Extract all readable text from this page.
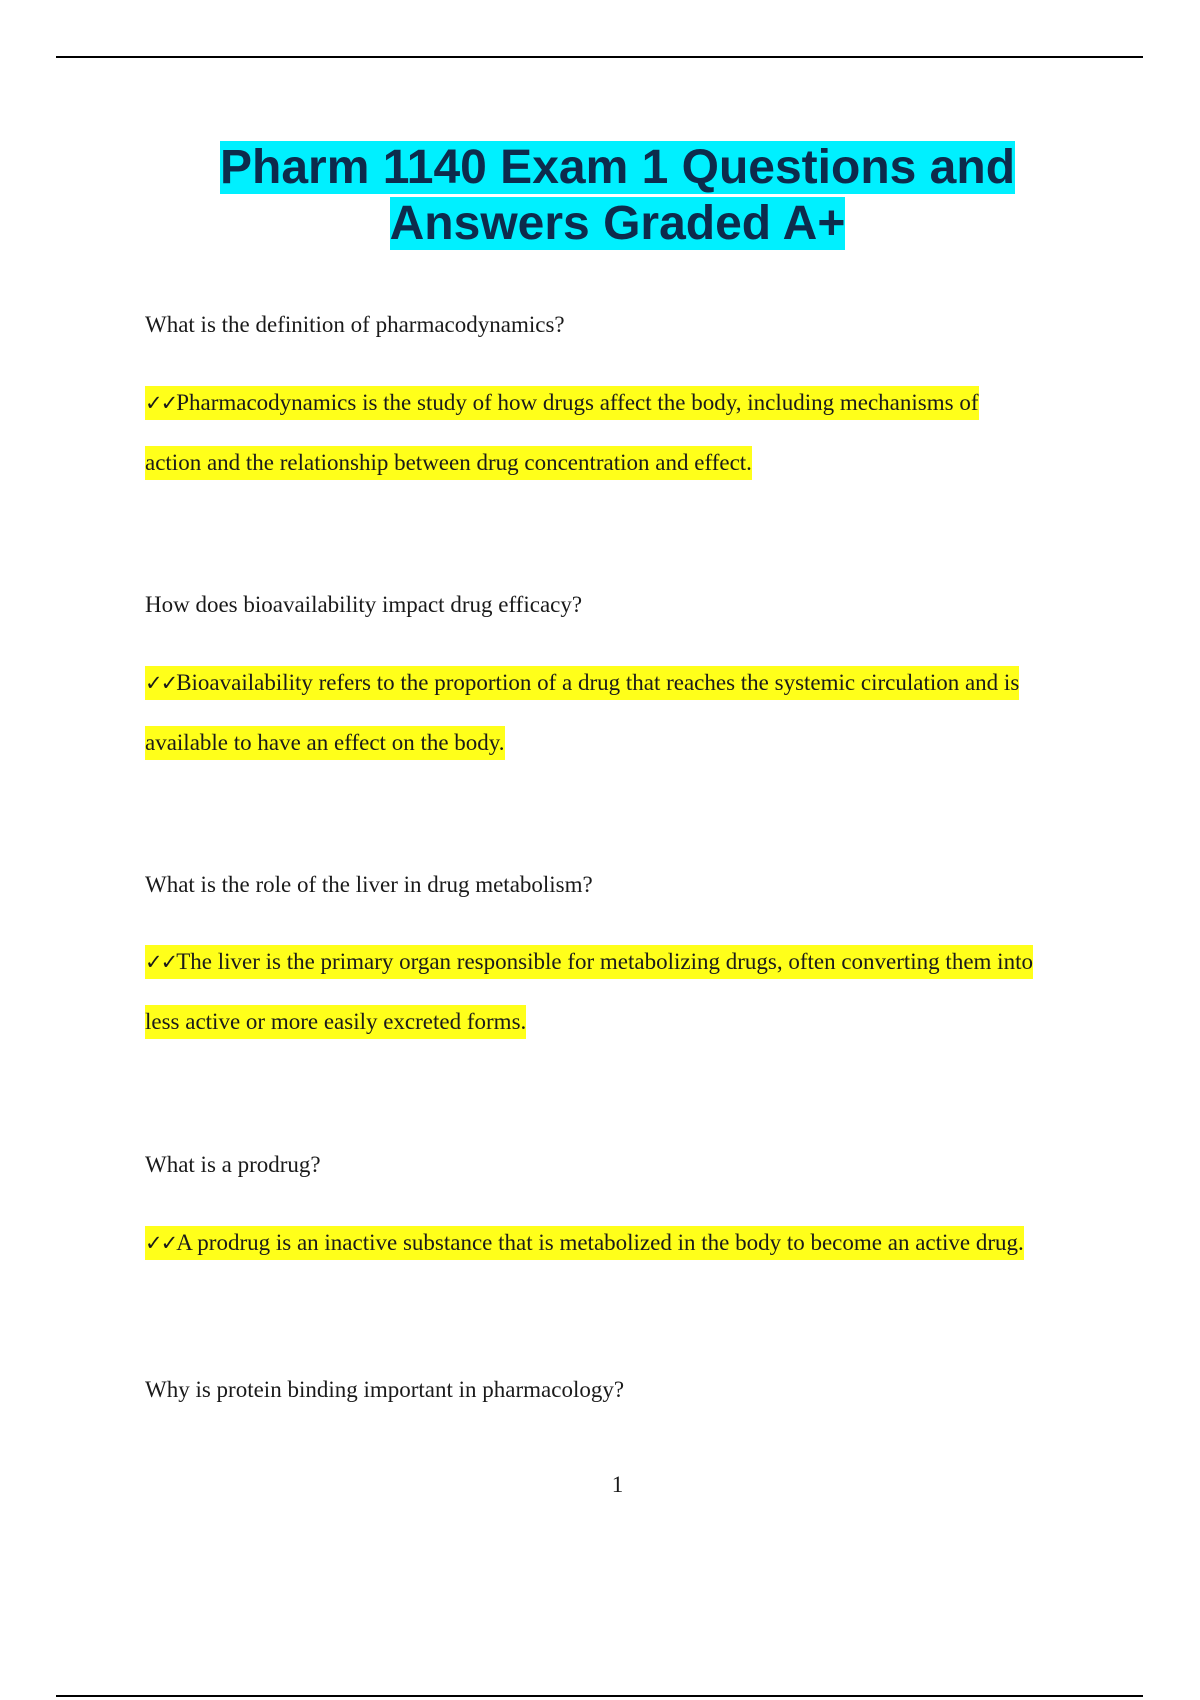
Pharm 1140 Exam 1 Questions and
Answers Graded A+

What is the definition of pharmacodynamics?

✓✓Pharmacodynamics is the study of how drugs affect the body, including mechanisms of
action and the relationship between drug concentration and effect.

How does bioavailability impact drug efficacy?

✓✓Bioavailability refers to the proportion of a drug that reaches the systemic circulation and is
available to have an effect on the body.

What is the role of the liver in drug metabolism?

✓✓The liver is the primary organ responsible for metabolizing drugs, often converting them into
less active or more easily excreted forms.

What is a prodrug?

✓✓A prodrug is an inactive substance that is metabolized in the body to become an active drug.

Why is protein binding important in pharmacology?

1
